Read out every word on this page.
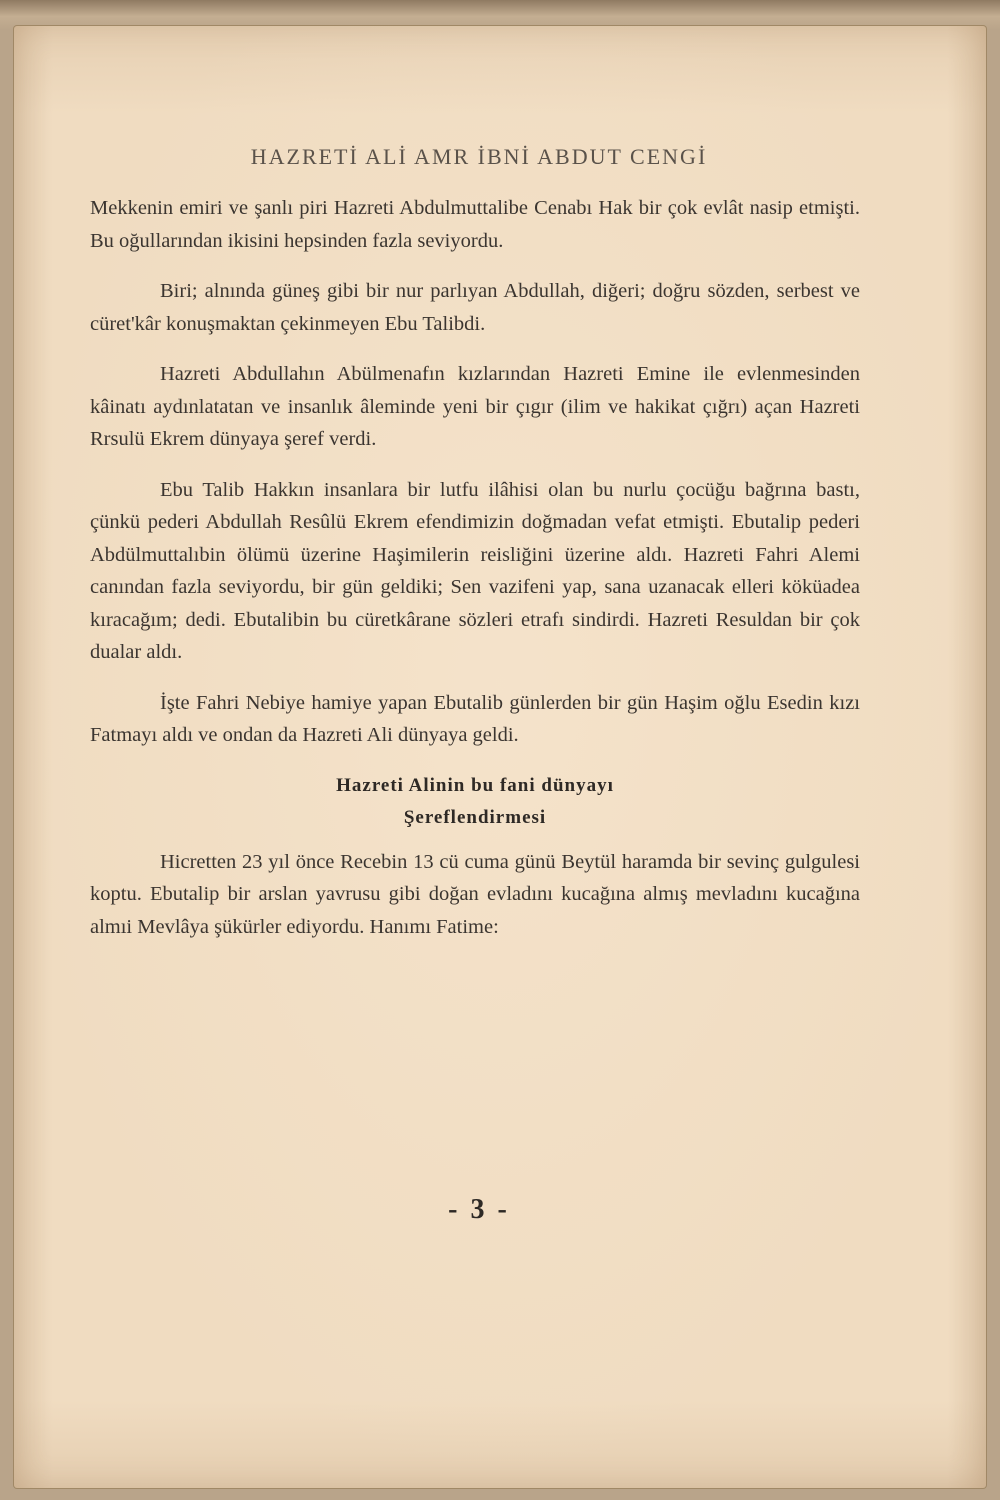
HAZRETİ ALİ AMR İBNİ ABDUT CENGİ

Mekkenin emiri ve şanlı piri Hazreti Abdulmuttalibe Cenabı Hak bir çok evlât nasip etmişti. Bu oğullarından ikisini hepsinden fazla seviyordu.

Biri; alnında güneş gibi bir nur parlıyan Abdullah, diğeri; doğru sözden, serbest ve cüret'kâr konuşmaktan çekinmeyen Ebu Talibdi.

Hazreti Abdullahın Abülmenafın kızlarından Hazreti Emine ile evlenmesinden kâinatı aydınlatatan ve insanlık âleminde yeni bir çıgır (ilim ve hakikat çığrı) açan Hazreti Rrsulü Ekrem dünyaya şeref verdi.

Ebu Talib Hakkın insanlara bir lutfu ilâhisi olan bu nurlu çocüğu bağrına bastı, çünkü pederi Abdullah Resûlü Ekrem efendimizin doğmadan vefat etmişti. Ebutalip pederi Abdülmuttalıbin ölümü üzerine Haşimilerin reisliğini üzerine aldı. Hazreti Fahri Alemi canından fazla seviyordu, bir gün geldiki; Sen vazifeni yap, sana uzanacak elleri köküadea kıracağım; dedi. Ebutalibin bu cüretkârane sözleri etrafı sindirdi. Hazreti Resuldan bir çok dualar aldı.

İşte Fahri Nebiye hamiye yapan Ebutalib günlerden bir gün Haşim oğlu Esedin kızı Fatmayı aldı ve ondan da Hazreti Ali dünyaya geldi.

Hazreti Alinin bu fani dünyayı
Şereflendirmesi

Hicretten 23 yıl önce Recebin 13 cü cuma günü Beytül haramda bir sevinç gulgulesi koptu. Ebutalip bir arslan yavrusu gibi doğan evladını kucağına almış mevladını kucağına almıi Mevlâya şükürler ediyordu. Hanımı Fatime:

- 3 -
